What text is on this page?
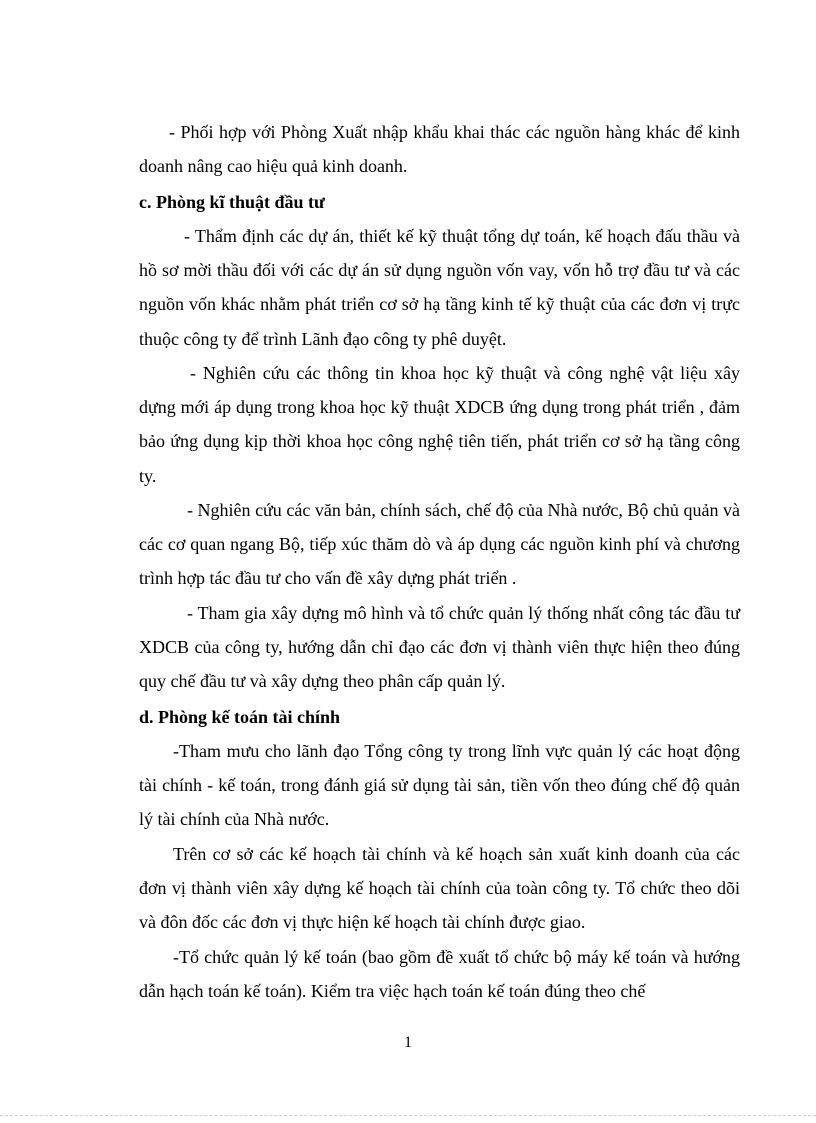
- Phối hợp với Phòng Xuất nhập khẩu khai thác các nguồn hàng khác để kinh doanh nâng cao hiệu quả kinh doanh.

c. Phòng kĩ thuật đầu tư

- Thẩm định các dự án, thiết kế kỹ thuật tổng dự toán, kế hoạch đấu thầu và hồ sơ mời thầu đối với các dự án sử dụng nguồn vốn vay, vốn hỗ trợ đầu tư và các nguồn vốn khác nhằm phát triển cơ sở hạ tầng kinh tế kỹ thuật của các đơn vị trực thuộc công ty để trình Lãnh đạo công ty phê duyệt.

- Nghiên cứu các thông tin khoa học kỹ thuật và công nghệ vật liệu xây dựng mới áp dụng trong khoa học kỹ thuật XDCB ứng dụng trong phát triển , đảm bảo ứng dụng kịp thời khoa học công nghệ tiên tiến, phát triển cơ sở hạ tầng công ty.

- Nghiên cứu các văn bản, chính sách, chế độ của Nhà nước, Bộ chủ quản và các cơ quan ngang Bộ, tiếp xúc thăm dò và áp dụng các nguồn kinh phí và chương trình hợp tác đầu tư cho vấn đề xây dựng phát triển .

- Tham gia xây dựng mô hình và tổ chức quản lý thống nhất công tác đầu tư XDCB của công ty, hướng dẫn chỉ đạo các đơn vị thành viên thực hiện theo đúng quy chế đầu tư và xây dựng theo phân cấp quản lý.

d. Phòng kế toán tài chính

-Tham mưu cho lãnh đạo Tổng công ty trong lĩnh vực quản lý các hoạt động tài chính - kế toán, trong đánh giá sử dụng tài sản, tiền vốn theo đúng chế độ quản lý tài chính của Nhà nước.

Trên cơ sở các kế hoạch tài chính và kế hoạch sản xuất kinh doanh của các đơn vị thành viên xây dựng kế hoạch tài chính của toàn công ty. Tổ chức theo dõi và đôn đốc các đơn vị thực hiện kế hoạch tài chính được giao.

-Tổ chức quản lý kế toán (bao gồm đề xuất tổ chức bộ máy kế toán và hướng dẫn hạch toán kế toán). Kiểm tra việc hạch toán kế toán đúng theo chế

1
